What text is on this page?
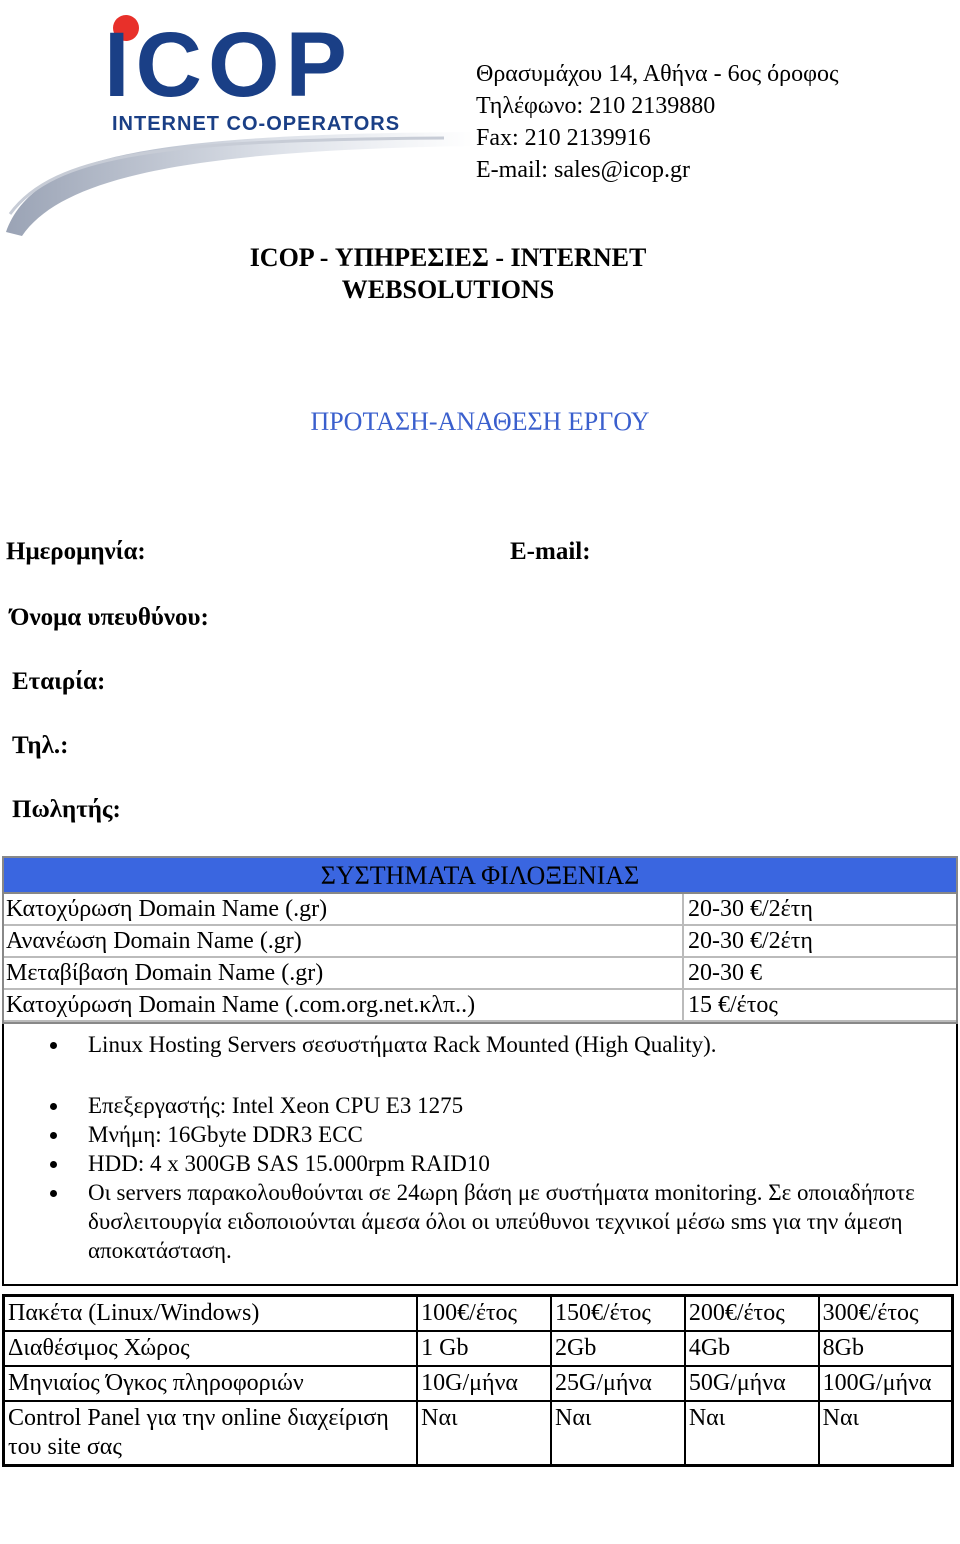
ICOP
INTERNET CO-OPERATORS
Θρασυμάχου 14, Αθήνα - 6ος όροφος
Τηλέφωνο: 210 2139880
Fax: 210 2139916
E-mail: sales@icop.gr
ICOP - ΥΠΗΡΕΣΙΕΣ - INTERNET
WEBSOLUTIONS
ΠΡΟΤΑΣΗ-ΑΝΑΘΕΣΗ ΕΡΓΟΥ
Ημερομηνία:	E-mail:
Όνομα υπευθύνου:
Εταιρία:
Τηλ.:
Πωλητής:
ΣΥΣΤΗΜΑΤΑ ΦΙΛΟΞΕΝΙΑΣ
Κατοχύρωση Domain Name (.gr)	20-30 €/2έτη
Ανανέωση Domain Name (.gr)	20-30 €/2έτη
Μεταβίβαση Domain Name (.gr)	20-30 €
Κατοχύρωση Domain Name (.com.org.net.κλπ..)	15 €/έτος
Linux Hosting Servers σεσυστήματα Rack Mounted (High Quality).
Επεξεργαστής: Intel Xeon CPU E3 1275
Μνήμη: 16Gbyte DDR3 ECC
HDD: 4 x 300GB SAS 15.000rpm RAID10
Οι servers παρακολουθούνται σε 24ωρη βάση με συστήματα monitoring. Σε οποιαδήποτε δυσλειτουργία ειδοποιούνται άμεσα όλοι οι υπεύθυνοι τεχνικοί μέσω sms για την άμεση αποκατάσταση.
Πακέτα (Linux/Windows)	100€/έτος	150€/έτος	200€/έτος	300€/έτος
Διαθέσιμος Χώρος	1 Gb	2Gb	4Gb	8Gb
Μηνιαίος Όγκος πληροφοριών	10G/μήνα	25G/μήνα	50G/μήνα	100G/μήνα
Control Panel για την online διαχείριση του site σας	Ναι	Ναι	Ναι	Ναι
